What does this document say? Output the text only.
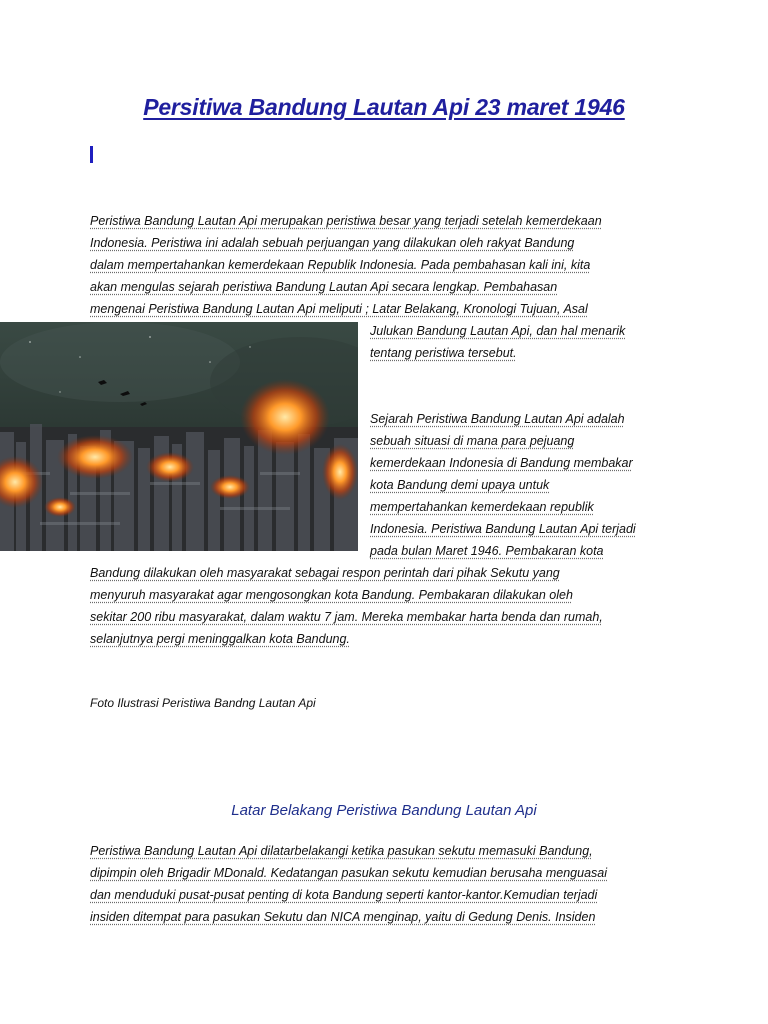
Persitiwa Bandung Lautan Api 23 maret 1946
Peristiwa Bandung Lautan Api merupakan peristiwa besar yang terjadi setelah kemerdekaan
Indonesia. Peristiwa ini adalah sebuah perjuangan yang dilakukan oleh rakyat Bandung
dalam mempertahankan kemerdekaan Republik Indonesia. Pada pembahasan kali ini, kita
akan mengulas sejarah peristiwa Bandung Lautan Api secara lengkap. Pembahasan
mengenai Peristiwa Bandung Lautan Api meliputi ; Latar Belakang, Kronologi Tujuan, Asal
Julukan Bandung Lautan Api, dan hal menarik
tentang peristiwa tersebut.
Sejarah Peristiwa Bandung Lautan Api adalah
sebuah situasi di mana para pejuang
kemerdekaan Indonesia di Bandung membakar
kota Bandung demi upaya untuk
mempertahankan kemerdekaan republik
Indonesia. Peristiwa Bandung Lautan Api terjadi
pada bulan Maret 1946. Pembakaran kota
Bandung dilakukan oleh masyarakat sebagai respon perintah dari pihak Sekutu yang
menyuruh masyarakat agar mengosongkan kota Bandung. Pembakaran dilakukan oleh
sekitar 200 ribu masyarakat, dalam waktu 7 jam. Mereka membakar harta benda dan rumah,
selanjutnya pergi meninggalkan kota Bandung.
Foto Ilustrasi Peristiwa Bandng Lautan Api
Latar Belakang Peristiwa Bandung Lautan Api
Peristiwa Bandung Lautan Api dilatarbelakangi ketika pasukan sekutu memasuki Bandung,
dipimpin oleh Brigadir MDonald. Kedatangan pasukan sekutu kemudian berusaha menguasai
dan menduduki pusat-pusat penting di kota Bandung seperti kantor-kantor.Kemudian terjadi
insiden ditempat para pasukan Sekutu dan NICA menginap, yaitu di Gedung Denis. Insiden
